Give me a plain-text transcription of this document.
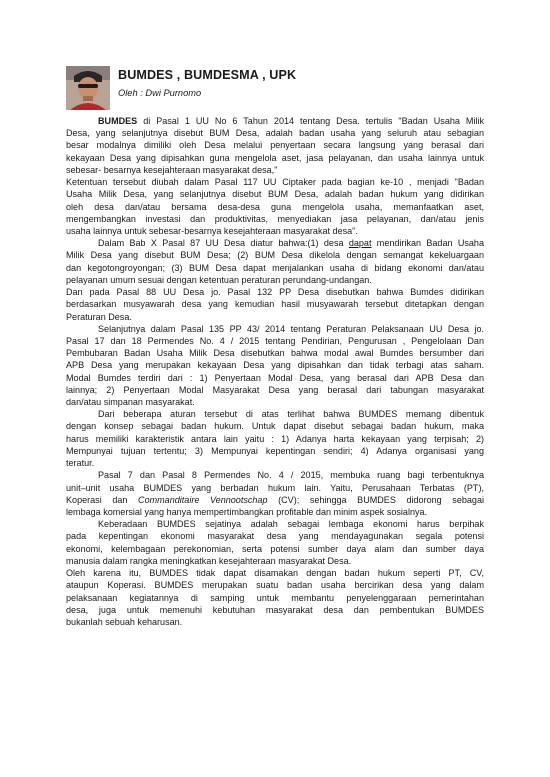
BUMDES , BUMDESMA , UPK
Oleh : Dwi Purnomo
BUMDES di Pasal 1 UU No 6 Tahun 2014 tentang Desa. tertulis "Badan Usaha Milik
Desa, yang selanjutnya disebut BUM Desa, adalah badan usaha yang seluruh atau sebagian
besar modalnya dimiliki oleh Desa melalui penyertaan secara langsung yang berasal dari
kekayaan Desa yang dipisahkan guna mengelola aset, jasa pelayanan, dan usaha lainnya untuk
sebesar- besarnya kesejahteraan masyarakat desa,"
Ketentuan tersebut diubah dalam Pasal 117 UU Ciptaker pada bagian ke-10 , menjadi "Badan
Usaha Milik Desa, yang selanjutnya disebut BUM Desa, adalah badan hukum yang didirikan
oleh desa dan/atau bersama desa-desa guna mengelola usaha, memanfaatkan aset,
mengembangkan investasi dan produktivitas, menyediakan jasa pelayanan, dan/atau jenis
usaha lainnya untuk sebesar-besarnya kesejahteraan masyarakat desa".
Dalam Bab X Pasal 87 UU Desa diatur bahwa:(1) desa dapat mendirikan Badan Usaha
Milik Desa yang disebut BUM Desa; (2) BUM Desa dikelola dengan semangat kekeluargaan
dan kegotongroyongan; (3) BUM Desa dapat menjalankan usaha di bidang ekonomi dan/atau
pelayanan umum sesuai dengan ketentuan peraturan perundang-undangan.
Dan pada Pasal 88 UU Desa jo. Pasal 132 PP Desa disebutkan bahwa Bumdes didirikan
berdasarkan musyawarah desa yang kemudian hasil musyawarah tersebut ditetapkan dengan
Peraturan Desa.
Selanjutnya dalam Pasal 135 PP 43/ 2014 tentang Peraturan Pelaksanaan UU Desa jo.
Pasal 17 dan 18 Permendes No. 4 / 2015 tentang Pendirian, Pengurusan , Pengelolaan Dan
Pembubaran Badan Usaha Milik Desa disebutkan bahwa modal awal Bumdes bersumber dari
APB Desa yang merupakan kekayaan Desa yang dipisahkan dan tidak terbagi atas saham.
Modal Bumdes terdiri dari : 1) Penyertaan Modal Desa, yang berasal dari APB Desa dan
lainnya; 2) Penyertaan Modal Masyarakat Desa yang berasal dari tabungan masyarakat
dan/atau simpanan masyarakat.
Dari beberapa aturan tersebut di atas terlihat bahwa BUMDES memang dibentuk
dengan konsep sebagai badan hukum. Untuk dapat disebut sebagai badan hukum, maka
harus memiliki karakteristik antara lain yaitu : 1) Adanya harta kekayaan yang terpisah; 2)
Mempunyai tujuan tertentu; 3) Mempunyai kepentingan sendiri; 4) Adanya organisasi yang
teratur.
Pasal 7 dan Pasal 8 Permendes No. 4 / 2015, membuka ruang bagi terbentuknya
unit–unit usaha BUMDES yang berbadan hukum lain. Yaitu, Perusahaan Terbatas (PT),
Koperasi dan Commanditaire Vennootschap (CV); sehingga BUMDES didorong sebagai
lembaga komersial yang hanya mempertimbangkan profitable dan minim aspek sosialnya.
Keberadaan BUMDES sejatinya adalah sebagai lembaga ekonomi harus berpihak
pada kepentingan ekonomi masyarakat desa yang mendayagunakan segala potensi
ekonomi, kelembagaan perekonomian, serta potensi sumber daya alam dan sumber daya
manusia dalam rangka meningkatkan kesejahteraan masyarakat Desa.
Oleh karena itu, BUMDES tidak dapat disamakan dengan badan hukum seperti PT, CV,
ataupun Koperasi. BUMDES merupakan suatu badan usaha bercirikan desa yang dalam
pelaksanaan kegiatannya di samping untuk membantu penyelenggaraan pemerintahan
desa, juga untuk memenuhi kebutuhan masyarakat desa dan pembentukan BUMDES
bukanlah sebuah keharusan.
